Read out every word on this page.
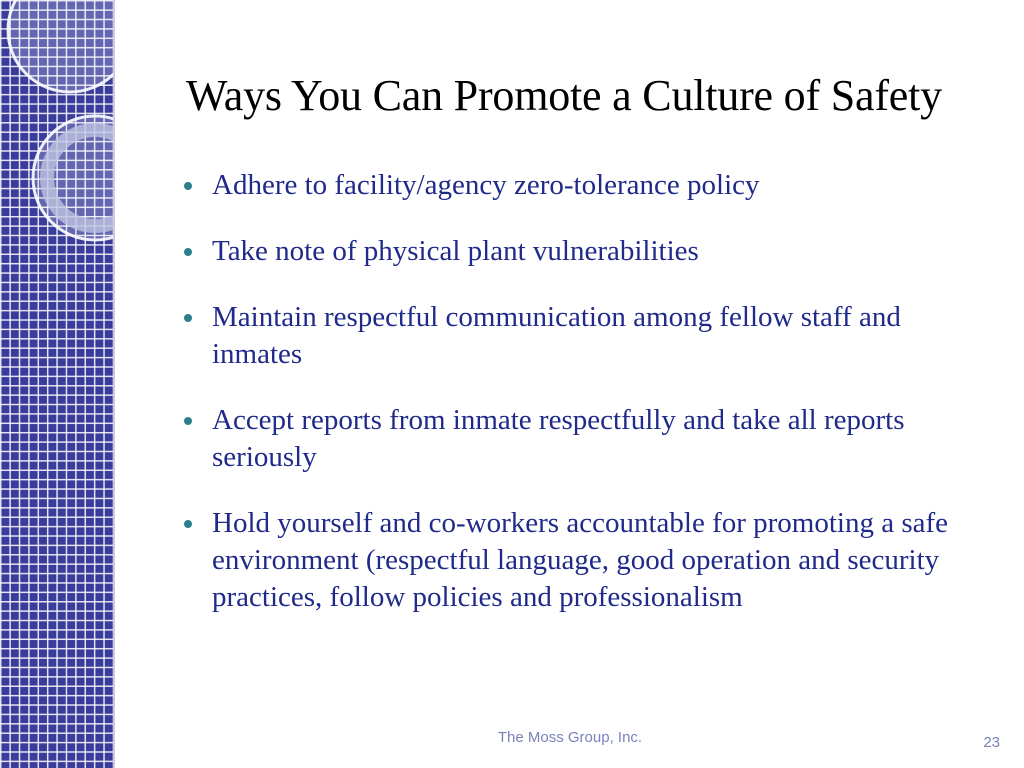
Ways You Can Promote a Culture of Safety
Adhere to facility/agency zero-tolerance policy
Take note of physical plant vulnerabilities
Maintain respectful communication among fellow staff and inmates
Accept reports from inmate respectfully and take all reports seriously
Hold yourself and co-workers accountable for promoting a safe environment (respectful language, good operation and security practices, follow policies and professionalism
The Moss Group, Inc.	23
